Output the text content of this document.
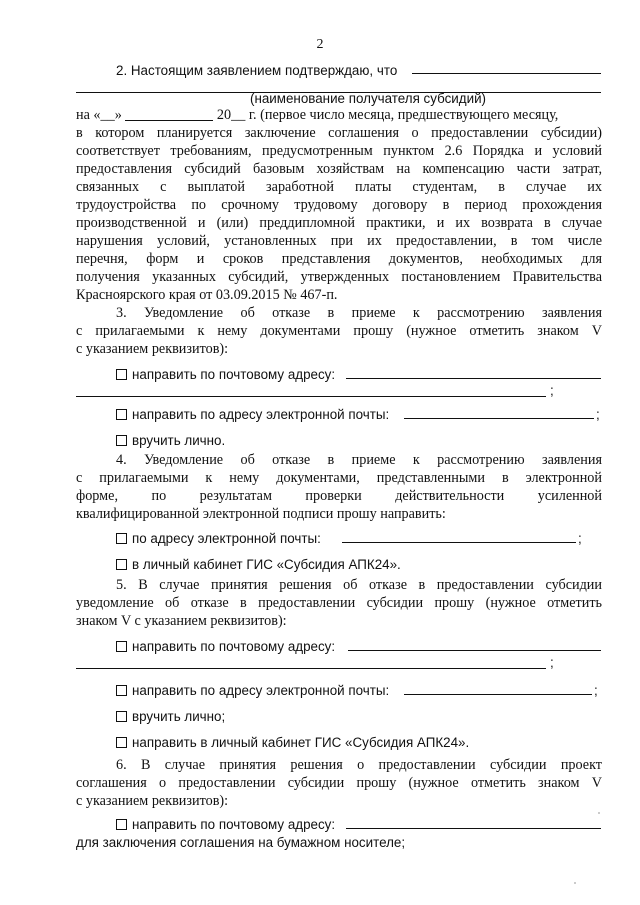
2
2. Настоящим заявлением подтверждаю, что
(наименование получателя субсидий)
на «__»	20__ г. (первое число месяца, предшествующего месяцу,
в котором планируется заключение соглашения о предоставлении субсидии)
соответствует требованиям, предусмотренным пунктом 2.6 Порядка и условий
предоставления субсидий базовым хозяйствам на компенсацию части затрат,
связанных с выплатой заработной платы студентам, в случае их
трудоустройства по срочному трудовому договору в период прохождения
производственной и (или) преддипломной практики, и их возврата в случае
нарушения условий, установленных при их предоставлении, в том числе
перечня, форм и сроков представления документов, необходимых для
получения указанных субсидий, утвержденных постановлением Правительства
Красноярского края от 03.09.2015 № 467-п.
3. Уведомление об отказе в приеме к рассмотрению заявления
с прилагаемыми к нему документами прошу (нужное отметить знаком V
с указанием реквизитов):
направить по почтовому адресу:
;
направить по адресу электронной почты:	;
вручить лично.
4. Уведомление об отказе в приеме к рассмотрению заявления
с прилагаемыми к нему документами, представленными в электронной
форме, по результатам проверки действительности усиленной
квалифицированной электронной подписи прошу направить:
по адресу электронной почты:	;
в личный кабинет ГИС «Субсидия АПК24».
5. В случае принятия решения об отказе в предоставлении субсидии
уведомление об отказе в предоставлении субсидии прошу (нужное отметить
знаком V с указанием реквизитов):
направить по почтовому адресу:
;
направить по адресу электронной почты:	;
вручить лично;
направить в личный кабинет ГИС «Субсидия АПК24».
6. В случае принятия решения о предоставлении субсидии проект
соглашения о предоставлении субсидии прошу (нужное отметить знаком V
с указанием реквизитов):
направить по почтовому адресу:
для заключения соглашения на бумажном носителе;
